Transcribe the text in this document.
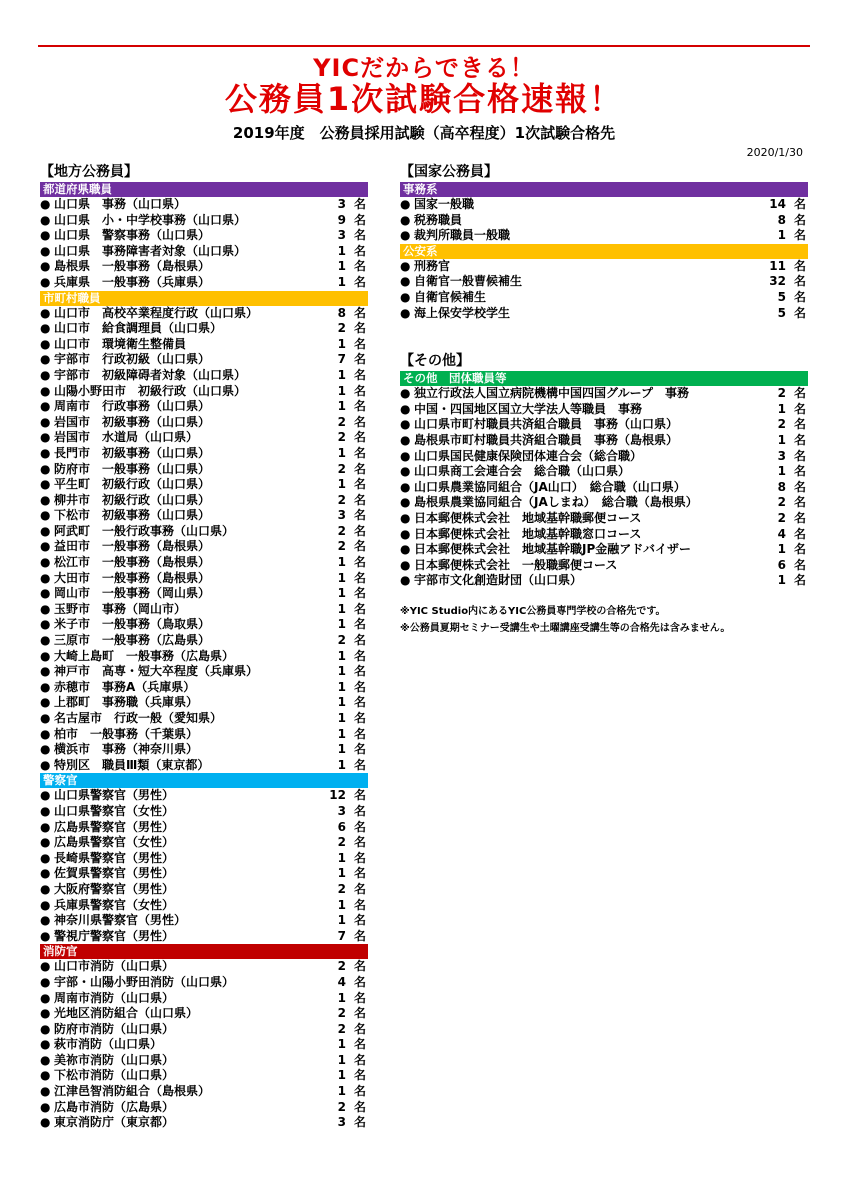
YICだからできる！
公務員1次試験合格速報！
2019年度　公務員採用試験（高卒程度）1次試験合格先
2020/1/30
【地方公務員】
都道府県職員
● 山口県　事務（山口県）	3 名
● 山口県　小・中学校事務（山口県）	9 名
● 山口県　警察事務（山口県）	3 名
● 山口県　事務障害者対象（山口県）	1 名
● 島根県　一般事務（島根県）	1 名
● 兵庫県　一般事務（兵庫県）	1 名
市町村職員
● 山口市　高校卒業程度行政（山口県）	8 名
● 山口市　給食調理員（山口県）	2 名
● 山口市　環境衛生整備員	1 名
● 宇部市　行政初級（山口県）	7 名
● 宇部市　初級障碍者対象（山口県）	1 名
● 山陽小野田市　初級行政（山口県）	1 名
● 周南市　行政事務（山口県）	1 名
● 岩国市　初級事務（山口県）	2 名
● 岩国市　水道局（山口県）	2 名
● 長門市　初級事務（山口県）	1 名
● 防府市　一般事務（山口県）	2 名
● 平生町　初級行政（山口県）	1 名
● 柳井市　初級行政（山口県）	2 名
● 下松市　初級事務（山口県）	3 名
● 阿武町　一般行政事務（山口県）	2 名
● 益田市　一般事務（島根県）	2 名
● 松江市　一般事務（島根県）	1 名
● 大田市　一般事務（島根県）	1 名
● 岡山市　一般事務（岡山県）	1 名
● 玉野市　事務（岡山市）	1 名
● 米子市　一般事務（鳥取県）	1 名
● 三原市　一般事務（広島県）	2 名
● 大崎上島町　一般事務（広島県）	1 名
● 神戸市　高専・短大卒程度（兵庫県）	1 名
● 赤穂市　事務A（兵庫県）	1 名
● 上郡町　事務職（兵庫県）	1 名
● 名古屋市　行政一般（愛知県）	1 名
● 柏市　一般事務（千葉県）	1 名
● 横浜市　事務（神奈川県）	1 名
● 特別区　職員Ⅲ類（東京都）	1 名
警察官
● 山口県警察官（男性）	12 名
● 山口県警察官（女性）	3 名
● 広島県警察官（男性）	6 名
● 広島県警察官（女性）	2 名
● 長崎県警察官（男性）	1 名
● 佐賀県警察官（男性）	1 名
● 大阪府警察官（男性）	2 名
● 兵庫県警察官（女性）	1 名
● 神奈川県警察官（男性）	1 名
● 警視庁警察官（男性）	7 名
消防官
● 山口市消防（山口県）	2 名
● 宇部・山陽小野田消防（山口県）	4 名
● 周南市消防（山口県）	1 名
● 光地区消防組合（山口県）	2 名
● 防府市消防（山口県）	2 名
● 萩市消防（山口県）	1 名
● 美祢市消防（山口県）	1 名
● 下松市消防（山口県）	1 名
● 江津邑智消防組合（島根県）	1 名
● 広島市消防（広島県）	2 名
● 東京消防庁（東京都）	3 名
【国家公務員】
事務系
● 国家一般職	14 名
● 税務職員	8 名
● 裁判所職員一般職	1 名
公安系
● 刑務官	11 名
● 自衛官一般曹候補生	32 名
● 自衛官候補生	5 名
● 海上保安学校学生	5 名
【その他】
その他　団体職員等
● 独立行政法人国立病院機構中国四国グループ　事務	2 名
● 中国・四国地区国立大学法人等職員　事務	1 名
● 山口県市町村職員共済組合職員　事務（山口県）	2 名
● 島根県市町村職員共済組合職員　事務（島根県）	1 名
● 山口県国民健康保険団体連合会（総合職）	3 名
● 山口県商工会連合会　総合職（山口県）	1 名
● 山口県農業協同組合（JA山口）　総合職（山口県）	8 名
● 島根県農業協同組合（JAしまね）　総合職（島根県）	2 名
● 日本郵便株式会社　地域基幹職郵便コース	2 名
● 日本郵便株式会社　地域基幹職窓口コース	4 名
● 日本郵便株式会社　地域基幹職JP金融アドバイザー	1 名
● 日本郵便株式会社　一般職郵便コース	6 名
● 宇部市文化創造財団（山口県）	1 名
※YIC Studio内にあるYIC公務員専門学校の合格先です。
※公務員夏期セミナー受講生や土曜講座受講生等の合格先は含みません。
